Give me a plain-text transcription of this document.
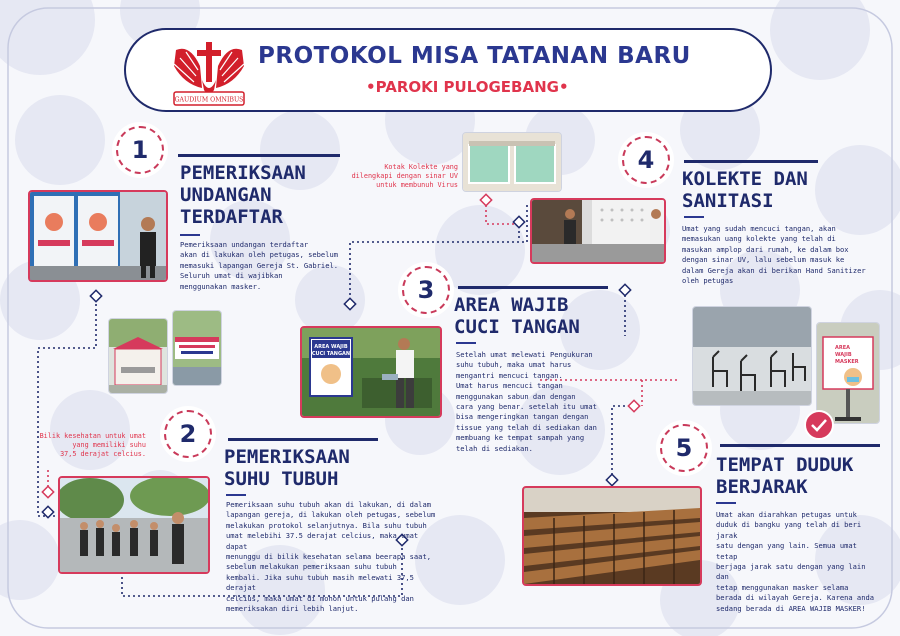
GAUDIUM OMNIBUS
PROTOKOL MISA TATANAN BARU
•PAROKI PULOGEBANG•
1
PEMERIKSAAN
UNDANGAN
TERDAFTAR
Pemeriksaan undangan terdaftar
akan di lakukan oleh petugas, sebelum
memasuki lapangan Gereja St. Gabriel.
Seluruh umat di wajibkan
menggunakan masker.
Bilik kesehatan untuk umat
yang memiliki suhu
37,5 derajat celcius.
2
PEMERIKSAAN
SUHU TUBUH
Pemeriksaan suhu tubuh akan di lakukan, di dalam
lapangan gereja, di lakukan oleh petugas, sebelum
melakukan protokol selanjutnya. Bila suhu tubuh
umat melebihi 37.5 derajat celcius, maka umat dapat
menunggu di bilik kesehatan selama beerapa saat,
sebelum melakukan pemeriksaan suhu tubuh
kembali. Jika suhu tubuh masih melewati 37,5 derajat
celcius, maka umat di mohon untuk pulang dan
memeriksakan diri lebih lanjut.
AREA WAJIB
CUCI TANGAN
3
AREA WAJIB
CUCI TANGAN
Setelah umat melewati Pengukuran
suhu tubuh, maka umat harus
mengantri mencuci tangan.
Umat harus mencuci tangan
menggunakan sabun dan dengan
cara yang benar. setelah itu umat
bisa mengeringkan tangan dengan
tissue yang telah di sediakan dan
membuang ke tempat sampah yang
telah di sediakan.
Kotak Kolekte yang
dilengkapi dengan sinar UV
untuk membunuh Virus
4
KOLEKTE DAN
SANITASI
Umat yang sudah mencuci tangan, akan
memasukan uang kolekte yang telah di
masukan amplop dari rumah, ke dalam box
dengan sinar UV, lalu sebelum masuk ke
dalam Gereja akan di berikan Hand Sanitizer
oleh petugas
AREA
WAJIB
MASKER
5
TEMPAT DUDUK
BERJARAK
Umat akan diarahkan petugas untuk
duduk di bangku yang telah di beri jarak
satu dengan yang lain. Semua umat tetap
berjaga jarak satu dengan yang lain dan
tetap menggunakan masker selama
berada di wilayah Gereja. Karena anda
sedang berada di AREA WAJIB MASKER!
